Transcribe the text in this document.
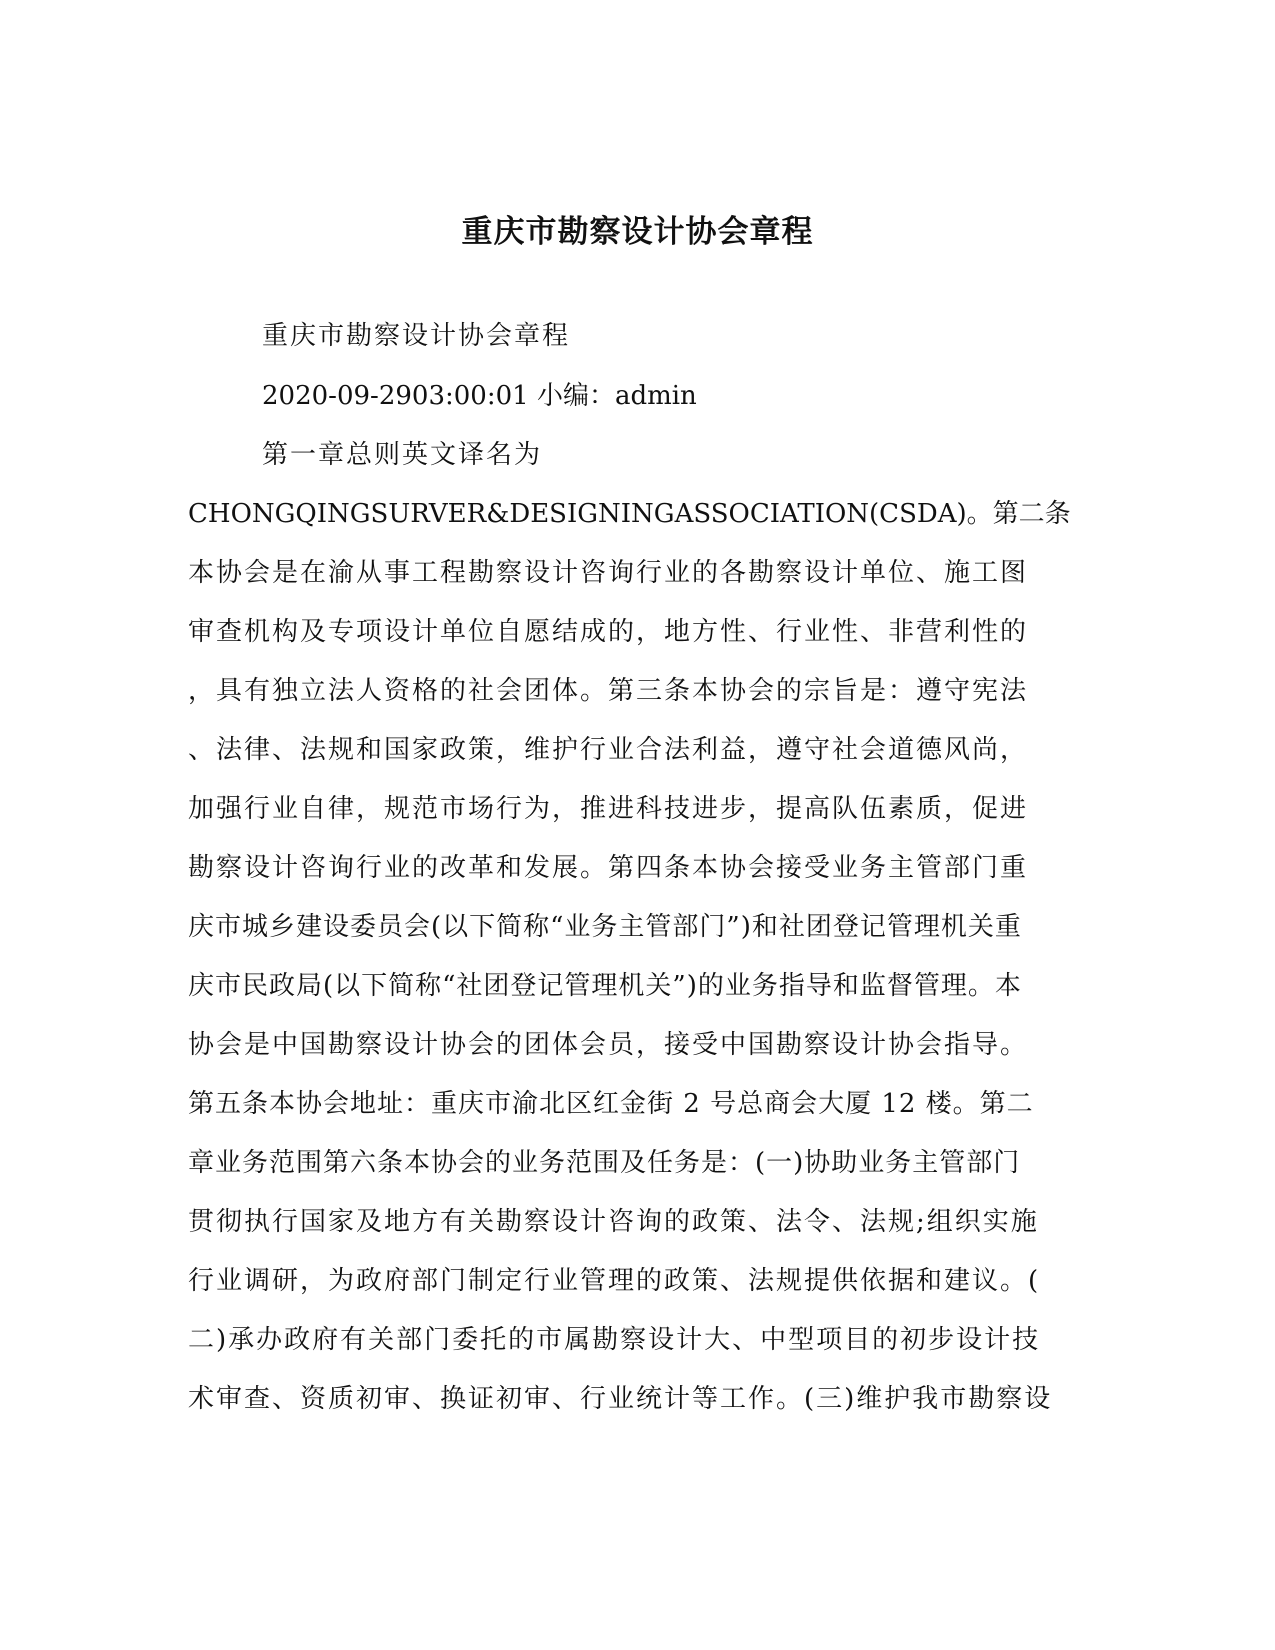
重庆市勘察设计协会章程
重庆市勘察设计协会章程
2020-09-2903:00:01 小编：admin
第一章总则英文译名为
CHONGQINGSURVER&DESIGNINGASSOCIATION(CSDA)。第二条
本协会是在渝从事工程勘察设计咨询行业的各勘察设计单位、施工图
审查机构及专项设计单位自愿结成的，地方性、行业性、非营利性的
，具有独立法人资格的社会团体。第三条本协会的宗旨是：遵守宪法
、法律、法规和国家政策，维护行业合法利益，遵守社会道德风尚，
加强行业自律，规范市场行为，推进科技进步，提高队伍素质，促进
勘察设计咨询行业的改革和发展。第四条本协会接受业务主管部门重
庆市城乡建设委员会(以下简称“业务主管部门”)和社团登记管理机关重
庆市民政局(以下简称“社团登记管理机关”)的业务指导和监督管理。本
协会是中国勘察设计协会的团体会员，接受中国勘察设计协会指导。
第五条本协会地址：重庆市渝北区红金街 2 号总商会大厦 12 楼。第二
章业务范围第六条本协会的业务范围及任务是：(一)协助业务主管部门
贯彻执行国家及地方有关勘察设计咨询的政策、法令、法规;组织实施
行业调研，为政府部门制定行业管理的政策、法规提供依据和建议。(
二)承办政府有关部门委托的市属勘察设计大、中型项目的初步设计技
术审查、资质初审、换证初审、行业统计等工作。(三)维护我市勘察设
